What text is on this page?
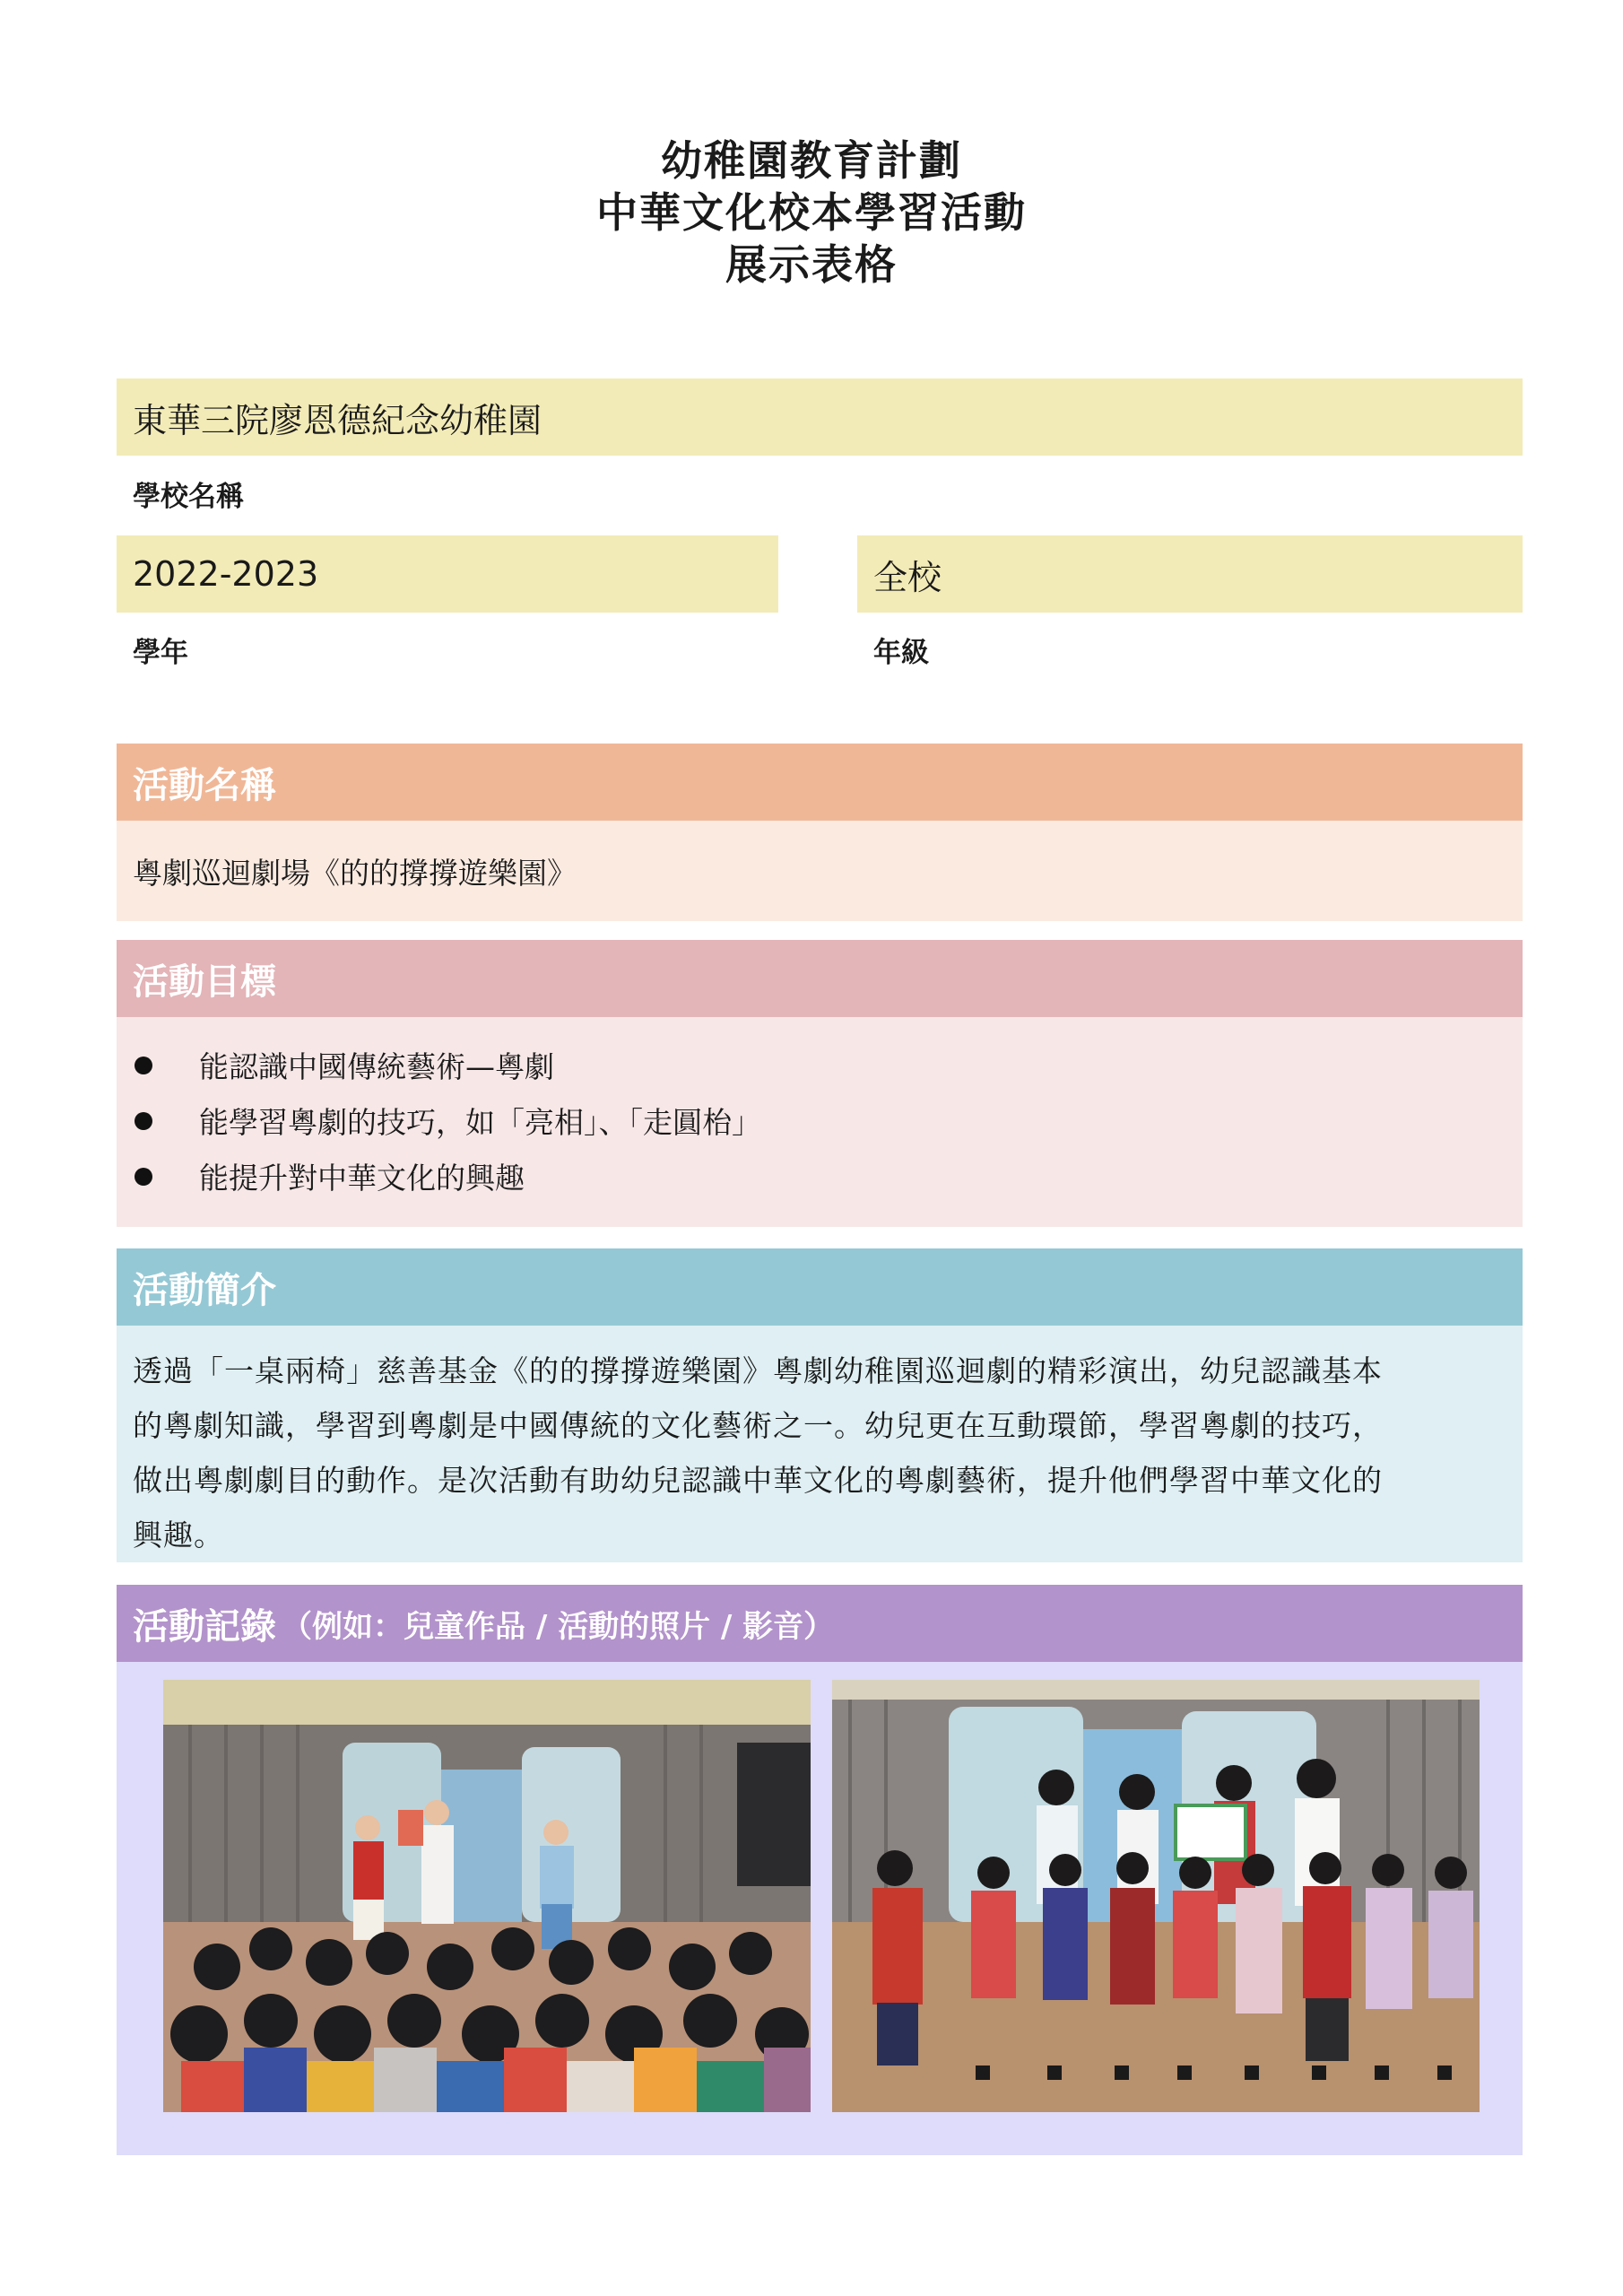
幼稚園教育計劃
中華文化校本學習活動
展示表格
東華三院廖恩德紀念幼稚園
學校名稱
2022-2023
學年
全校
年級
活動名稱
粵劇巡迴劇場《的的撐撐遊樂園》
活動目標
能認識中國傳統藝術—粵劇
能學習粵劇的技巧，如「亮相」、「走圓枱」
能提升對中華文化的興趣
活動簡介
透過「一桌兩椅」慈善基金《的的撐撐遊樂園》粵劇幼稚園巡迴劇的精彩演出，幼兒認識基本
的粵劇知識，學習到粵劇是中國傳統的文化藝術之一。幼兒更在互動環節，學習粵劇的技巧，
做出粵劇劇目的動作。是次活動有助幼兒認識中華文化的粵劇藝術，提升他們學習中華文化的
興趣。
活動記錄 （例如：兒童作品 / 活動的照片 / 影音）
